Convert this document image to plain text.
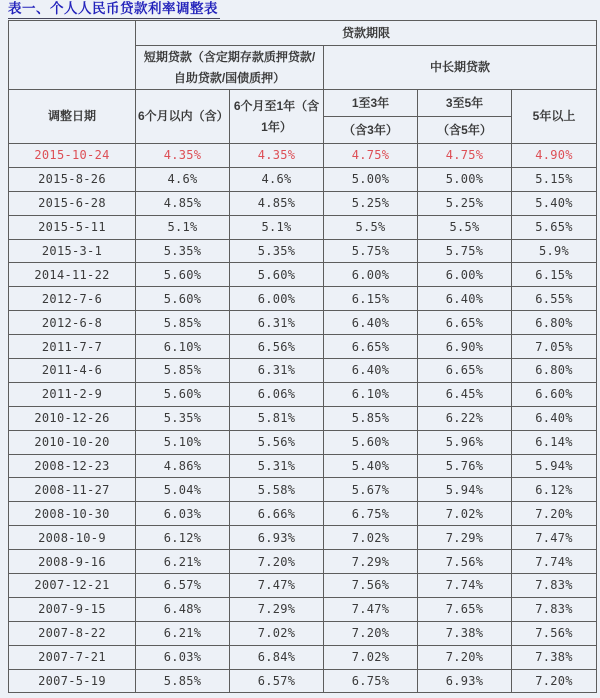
表一、个人人民币贷款利率调整表
	贷款期限				
	短期贷款（含定期存款质押贷款/自助贷款/国债质押）		中长期贷款		
调整日期	6个月以内（含）	6个月至1年（含1年）	1至3年	3至5年	5年以上
			（含3年）	（含5年）	
2015-10-24	4.35%	4.35%	4.75%	4.75%	4.90%
2015-8-26	4.6%	4.6%	5.00%	5.00%	5.15%
2015-6-28	4.85%	4.85%	5.25%	5.25%	5.40%
2015-5-11	5.1%	5.1%	5.5%	5.5%	5.65%
2015-3-1	5.35%	5.35%	5.75%	5.75%	5.9%
2014-11-22	5.60%	5.60%	6.00%	6.00%	6.15%
2012-7-6	5.60%	6.00%	6.15%	6.40%	6.55%
2012-6-8	5.85%	6.31%	6.40%	6.65%	6.80%
2011-7-7	6.10%	6.56%	6.65%	6.90%	7.05%
2011-4-6	5.85%	6.31%	6.40%	6.65%	6.80%
2011-2-9	5.60%	6.06%	6.10%	6.45%	6.60%
2010-12-26	5.35%	5.81%	5.85%	6.22%	6.40%
2010-10-20	5.10%	5.56%	5.60%	5.96%	6.14%
2008-12-23	4.86%	5.31%	5.40%	5.76%	5.94%
2008-11-27	5.04%	5.58%	5.67%	5.94%	6.12%
2008-10-30	6.03%	6.66%	6.75%	7.02%	7.20%
2008-10-9	6.12%	6.93%	7.02%	7.29%	7.47%
2008-9-16	6.21%	7.20%	7.29%	7.56%	7.74%
2007-12-21	6.57%	7.47%	7.56%	7.74%	7.83%
2007-9-15	6.48%	7.29%	7.47%	7.65%	7.83%
2007-8-22	6.21%	7.02%	7.20%	7.38%	7.56%
2007-7-21	6.03%	6.84%	7.02%	7.20%	7.38%
2007-5-19	5.85%	6.57%	6.75%	6.93%	7.20%
